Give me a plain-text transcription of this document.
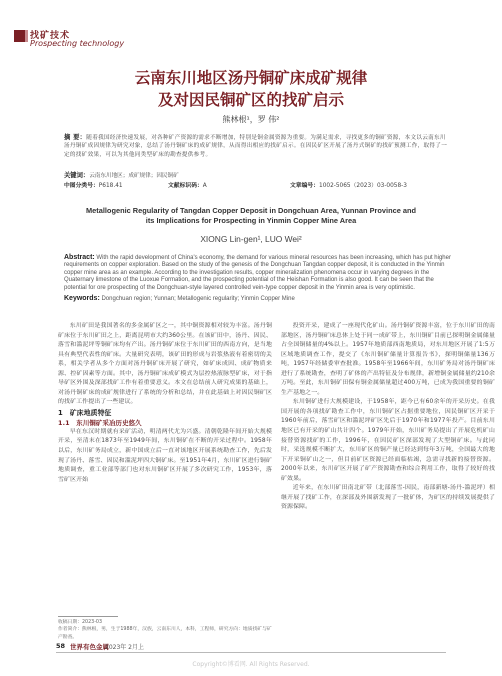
找矿技术
Prospecting technology
云南东川地区汤丹铜矿床成矿规律
及对因民铜矿区的找矿启示
熊林根¹，罗 伟²
摘 要：随着我国经济快速发展，对各种矿产资源的需求不断增加，特别是铜金属资源为重要。为满足需求，寻找更多的铜矿资源，本文以云南东川汤丹铜矿成因规律为研究对象，总结了汤丹铜矿床的成矿规律，从而得出相应的找矿启示。在因民矿区开展了汤丹式铜矿的找矿预测工作，取得了一定的找矿效果，可以为其他同类型矿床的勘查提供参考。
关键词：云南东川地区；成矿规律；因民铜矿
中图分类号：P618.41	文献标识码：A	文章编号：1002-5065（2023）03-0058-3
Metallogenic Regularity of Tangdan Copper Deposit in Dongchuan Area, Yunnan Province and
its Implications for Prospecting in Yinmin Copper Mine Area
XIONG Lin-gen¹, LUO Wei²
Abstract: With the rapid development of China's economy, the demand for various mineral resources has been increasing, which has put higher requirements on copper exploration. Based on the study of the genesis of the Dongchuan Tangdan copper deposit, it is conducted in the Yinmin copper mine area as an example. According to the investigation results, copper mineralization phenomena occur in varying degrees in the Quaternary limestone of the Luoxue Formation, and the prospecting potential of the Heishan Formation is also good. It can be seen that the potential for ore prospecting of the Dongchuan-style layered controlled vein-type copper deposit in the Yinmin area is very optimistic.
Keywords: Dongchuan region; Yunnan; Metallogenic regularity; Yinmin Copper Mine

东川矿田是我国著名的多金属矿区之一，其中铜资源相对较为丰富。汤丹铜矿床位于东川矿田之上，距离昆明市大约360公里。在该矿田中，汤丹、因民、落雪和滥泥坪等铜矿床均有产出。汤丹铜矿床位于东川矿田的西南方向，是当地具有典型代表性的矿床。大量研究表明，该矿田的形成与岩浆热液有着密切的关系，相关学者从多个方面对汤丹铜矿床开展了研究，如矿床成因、成矿物质来源、控矿因素等方面。其中，汤丹铜矿床成矿模式为层控热液脉型矿床，对于指导矿区外围及深部找矿工作有着重要意义。本文在总结前人研究成果的基础上，对汤丹铜矿床的成矿规律进行了系统的分析和总结，并在此基础上对因民铜矿区的找矿工作提出了一些建议。

1　矿床地质特征
1.1　东川铜矿采冶历史悠久

早在东汉时期就有采矿活动，明清两代尤为兴盛。清朝乾隆年间开始大规模开采，至清末在1873年至1949年间，东川铜矿在不断的开采过程中。1958年以后，东川矿务局成立，新中国成立后一直对该地区开展系统勘查工作，先后发现了汤丹、落雪、因民和滥泥坪四大铜矿床。至1951年4月，东川矿区进行铜矿地质调查，重工业部等部门也对东川铜矿区开展了多次研究工作，1953年，落雪矿区开始

投资开采，建成了一座现代化矿山。汤丹铜矿资源丰富，位于东川矿田的南部地区，汤丹铜矿床总体上处于同一成矿带上，东川铜矿目前已探明铜金属储量占全国铜储量的4%以上。1957年地质部西南地质局，对东川地区开展了1:5万区域地质调查工作，提交了《东川铜矿储量计算报告书》，探明铜储量136万吨，1957年经储委审查批准。1958年至1966年间，东川矿务局对汤丹铜矿床进行了系统勘查，查明了矿体的产出特征及分布规律，新增铜金属储量约210余万吨。至此，东川铜矿田保有铜金属储量超过400万吨，已成为我国重要的铜矿生产基地之一。

东川铜矿进行大规模建设，于1958年，距今已有60余年的开采历史。在我国开展的各项找矿勘查工作中，东川铜矿区占据重要地位，因民铜矿区开采于1960年前后，落雪矿区和滥泥坪矿区先后于1970年和1977年投产。目前东川地区已有开采的矿山共计四个。1979年开始，东川矿务局提出了开展危机矿山接替资源找矿的工作，1996年，在因民矿区深部发现了大型铜矿床。与此同时，采选规模不断扩大，东川矿区的铜产量已经达到每年3万吨，全国最大的地下开采铜矿山之一，但目前矿区资源已经面临枯竭，急需寻找新的接替资源。2000年以来，东川矿区开展了矿产资源勘查和综合利用工作，取得了较好的找矿效果。

近年来，在东川矿田南北矿带（北部落雪-因民，南部新塘-汤丹-滥泥坪）相继开展了找矿工作，在深部及外围新发现了一批矿体，为矿区的持续发展提供了资源保障。

收稿日期：2023-03
作者简介：熊林根，男，生于1988年，汉族，云南东川人，本科，工程师，研究方向：地质找矿与矿产勘查。
58 世界有色金属
2023年 2月上
Copyright©博看网. All Rights Reserved.
